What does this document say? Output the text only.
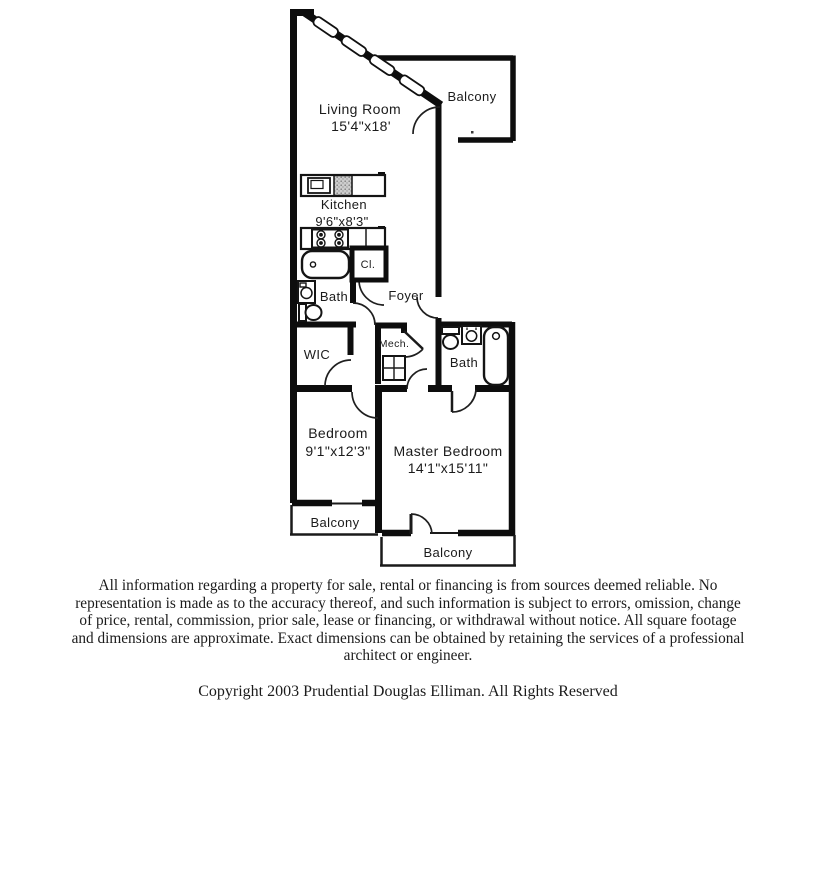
Living Room
15'4"x18'
Balcony
Kitchen
9'6"x8'3"
Bath
Cl.
Foyer
WIC
Mech.
Bath
Bedroom
9'1"x12'3" Master Bedroom
14'1"x15'11"
Balcony
Balcony
All information regarding a property for sale, rental or financing is from sources deemed reliable. No representation is made as to the accuracy thereof, and such information is subject to errors, omission, change of price, rental, commission, prior sale, lease or financing, or withdrawal without notice. All square footage and dimensions are approximate. Exact dimensions can be obtained by retaining the services of a professional architect or engineer.
Copyright 2003 Prudential Douglas Elliman. All Rights Reserved
